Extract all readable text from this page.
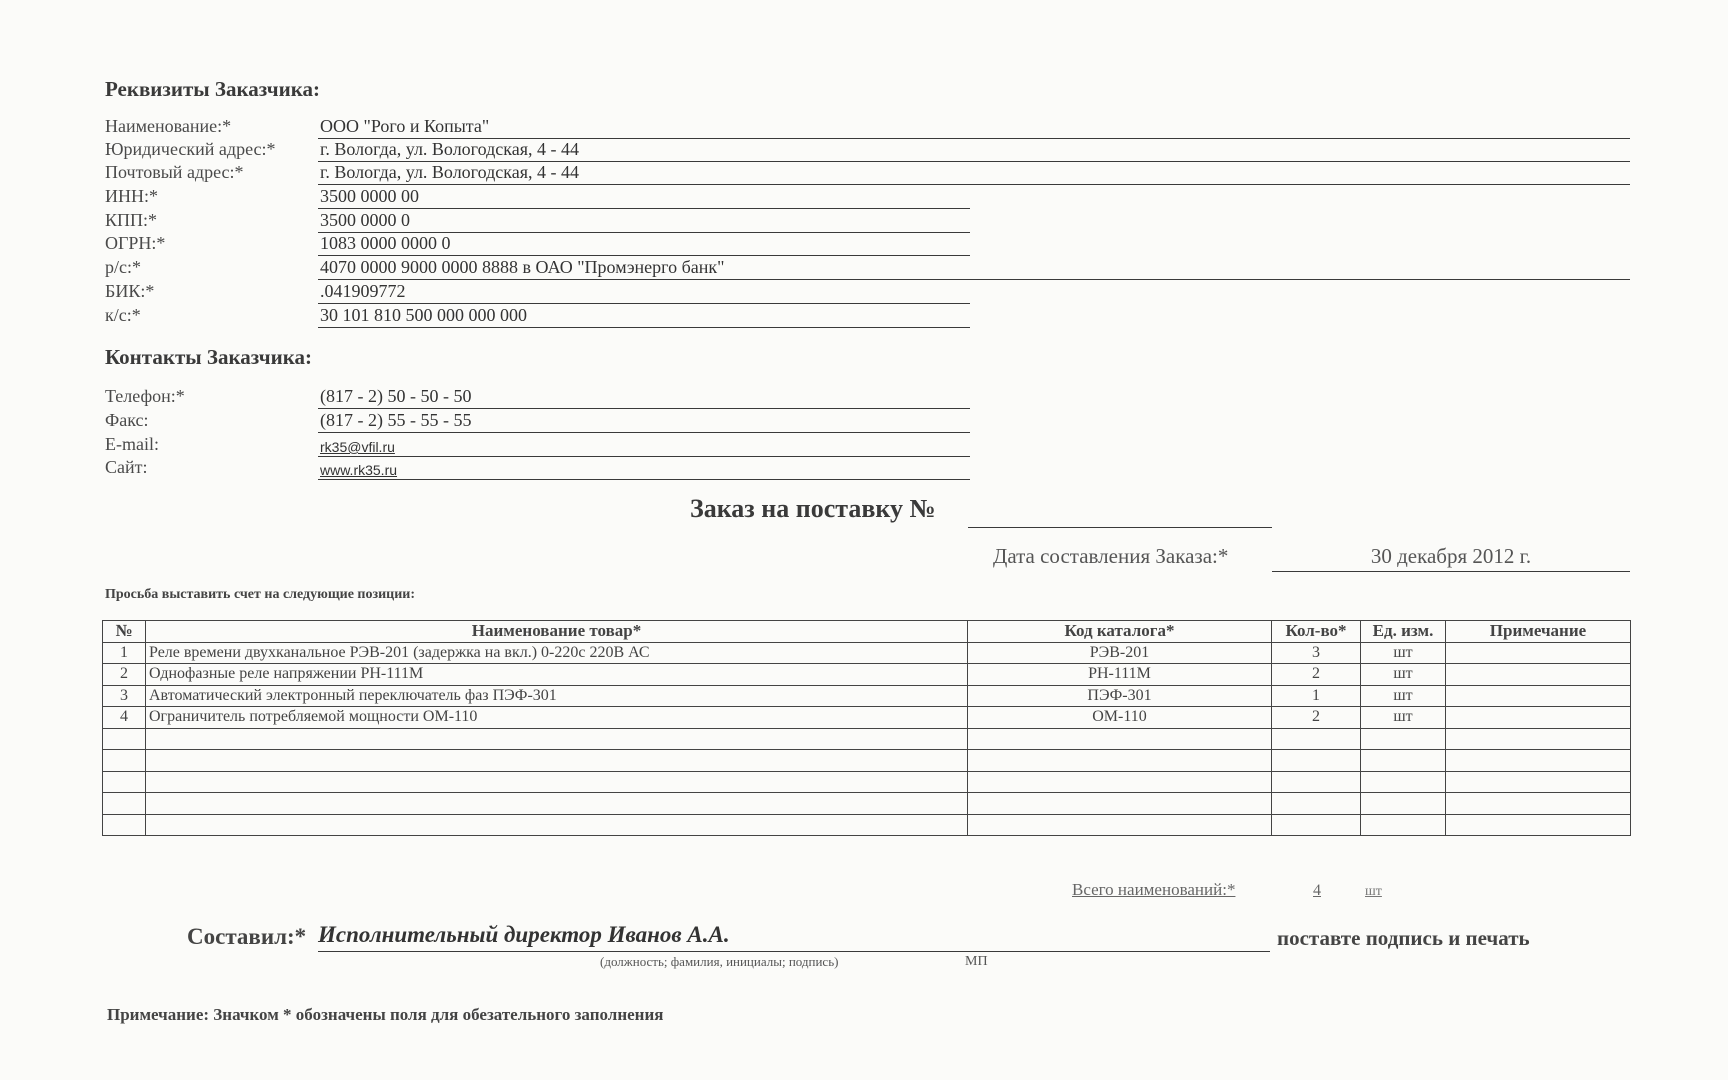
Реквизиты Заказчика:
Наименование:*	ООО "Рого и Копыта"
Юридический адрес:* г. Вологда, ул. Вологодская, 4 - 44
Почтовый адрес:*	г. Вологда, ул. Вологодская, 4 - 44
ИНН:*	3500 0000 00
КПП:*	3500 0000 0
ОГРН:*	1083 0000 0000 0
р/с:*	4070 0000 9000 0000 8888 в ОАО "Промэнерго банк"
БИК:*	.041909772
к/с:*	30 101 810 500 000 000 000
Контакты Заказчика:
Телефон:*	(817 - 2) 50 - 50 - 50
Факс:	(817 - 2) 55 - 55 - 55
E-mail:	rk35@vfil.ru
Сайт:	www.rk35.ru
Заказ на поставку №
Дата составления Заказа:*	30 декабря 2012 г.
Просьба выставить счет на следующие позиции:
№	Наименование товар*	Код каталога*	Кол-во*	Ед. изм.	Примечание
1	Реле времени двухканальное РЭВ-201 (задержка на вкл.) 0-220с 220В АС	РЭВ-201	3	шт	
2	Однофазные реле напряжении РН-111М	РН-111М	2	шт	
3	Автоматический электронный переключатель фаз ПЭФ-301	ПЭФ-301	1	шт	
4	Ограничитель потребляемой мощности ОМ-110	ОМ-110	2	шт	

Всего наименований:*	4	шт
Составил:* Исполнительный директор Иванов А.А.	поставте подпись и печать
(должность; фамилия, инициалы; подпись)	МП
Примечание: Значком * обозначены поля для обезательного заполнения
